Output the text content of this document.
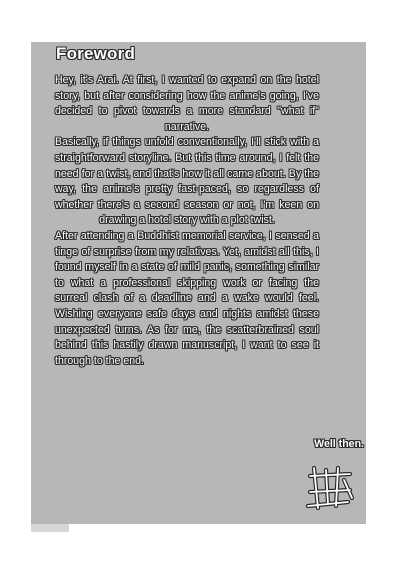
Foreword

Hey, it's Arai. At first, I wanted to expand on the hotel story, but after considering how the anime's going, I've decided to pivot towards a more standard "what if" narrative.

Basically, if things unfold conventionally, I'll stick with a straightforward storyline. But this time around, I felt the need for a twist, and that's how it all came about. By the way, the anime's pretty fast-paced, so regardless of whether there's a second season or not, I'm keen on drawing a hotel story with a plot twist.

After attending a Buddhist memorial service, I sensed a tinge of surprise from my relatives. Yet, amidst all this, I found myself in a state of mild panic, something similar to what a professional skipping work or facing the surreal clash of a deadline and a wake would feel. Wishing everyone safe days and nights amidst these unexpected turns. As for me, the scatterbrained soul behind this hastily drawn manuscript, I want to see it through to the end.

Well then.
